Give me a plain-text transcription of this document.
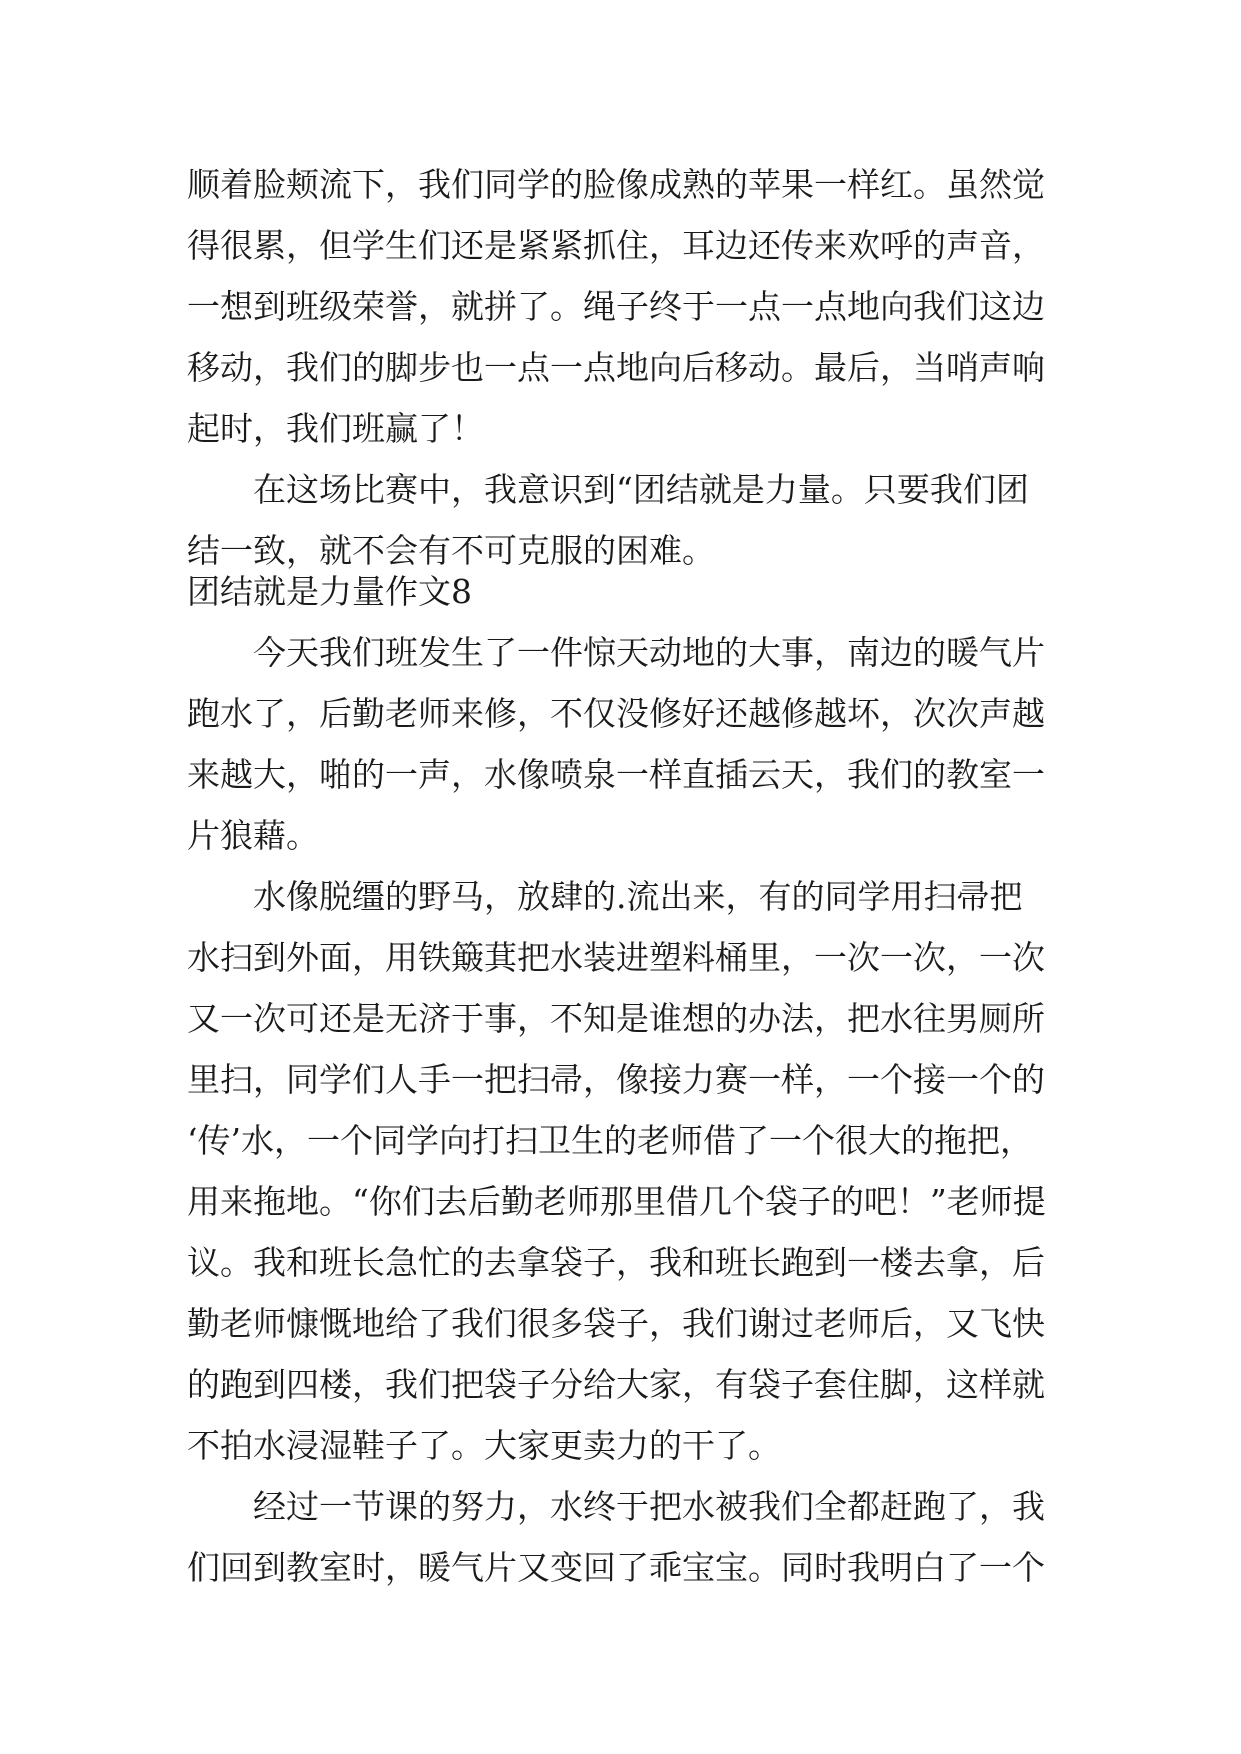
顺着脸颊流下，我们同学的脸像成熟的苹果一样红。虽然觉
得很累，但学生们还是紧紧抓住，耳边还传来欢呼的声音，
一想到班级荣誉，就拼了。绳子终于一点一点地向我们这边
移动，我们的脚步也一点一点地向后移动。最后，当哨声响
起时，我们班赢了！
在这场比赛中，我意识到“团结就是力量。只要我们团
结一致，就不会有不可克服的困难。
团结就是力量作文8
今天我们班发生了一件惊天动地的大事，南边的暖气片
跑水了，后勤老师来修，不仅没修好还越修越坏，次次声越
来越大，啪的一声，水像喷泉一样直插云天，我们的教室一
片狼藉。
水像脱缰的野马，放肆的.流出来，有的同学用扫帚把
水扫到外面，用铁簸萁把水装进塑料桶里，一次一次，一次
又一次可还是无济于事，不知是谁想的办法，把水往男厕所
里扫，同学们人手一把扫帚，像接力赛一样，一个接一个的
‘传’水，一个同学向打扫卫生的老师借了一个很大的拖把，
用来拖地。“你们去后勤老师那里借几个袋子的吧！”老师提
议。我和班长急忙的去拿袋子，我和班长跑到一楼去拿，后
勤老师慷慨地给了我们很多袋子，我们谢过老师后，又飞快
的跑到四楼，我们把袋子分给大家，有袋子套住脚，这样就
不拍水浸湿鞋子了。大家更卖力的干了。
经过一节课的努力，水终于把水被我们全都赶跑了，我
们回到教室时，暖气片又变回了乖宝宝。同时我明白了一个
